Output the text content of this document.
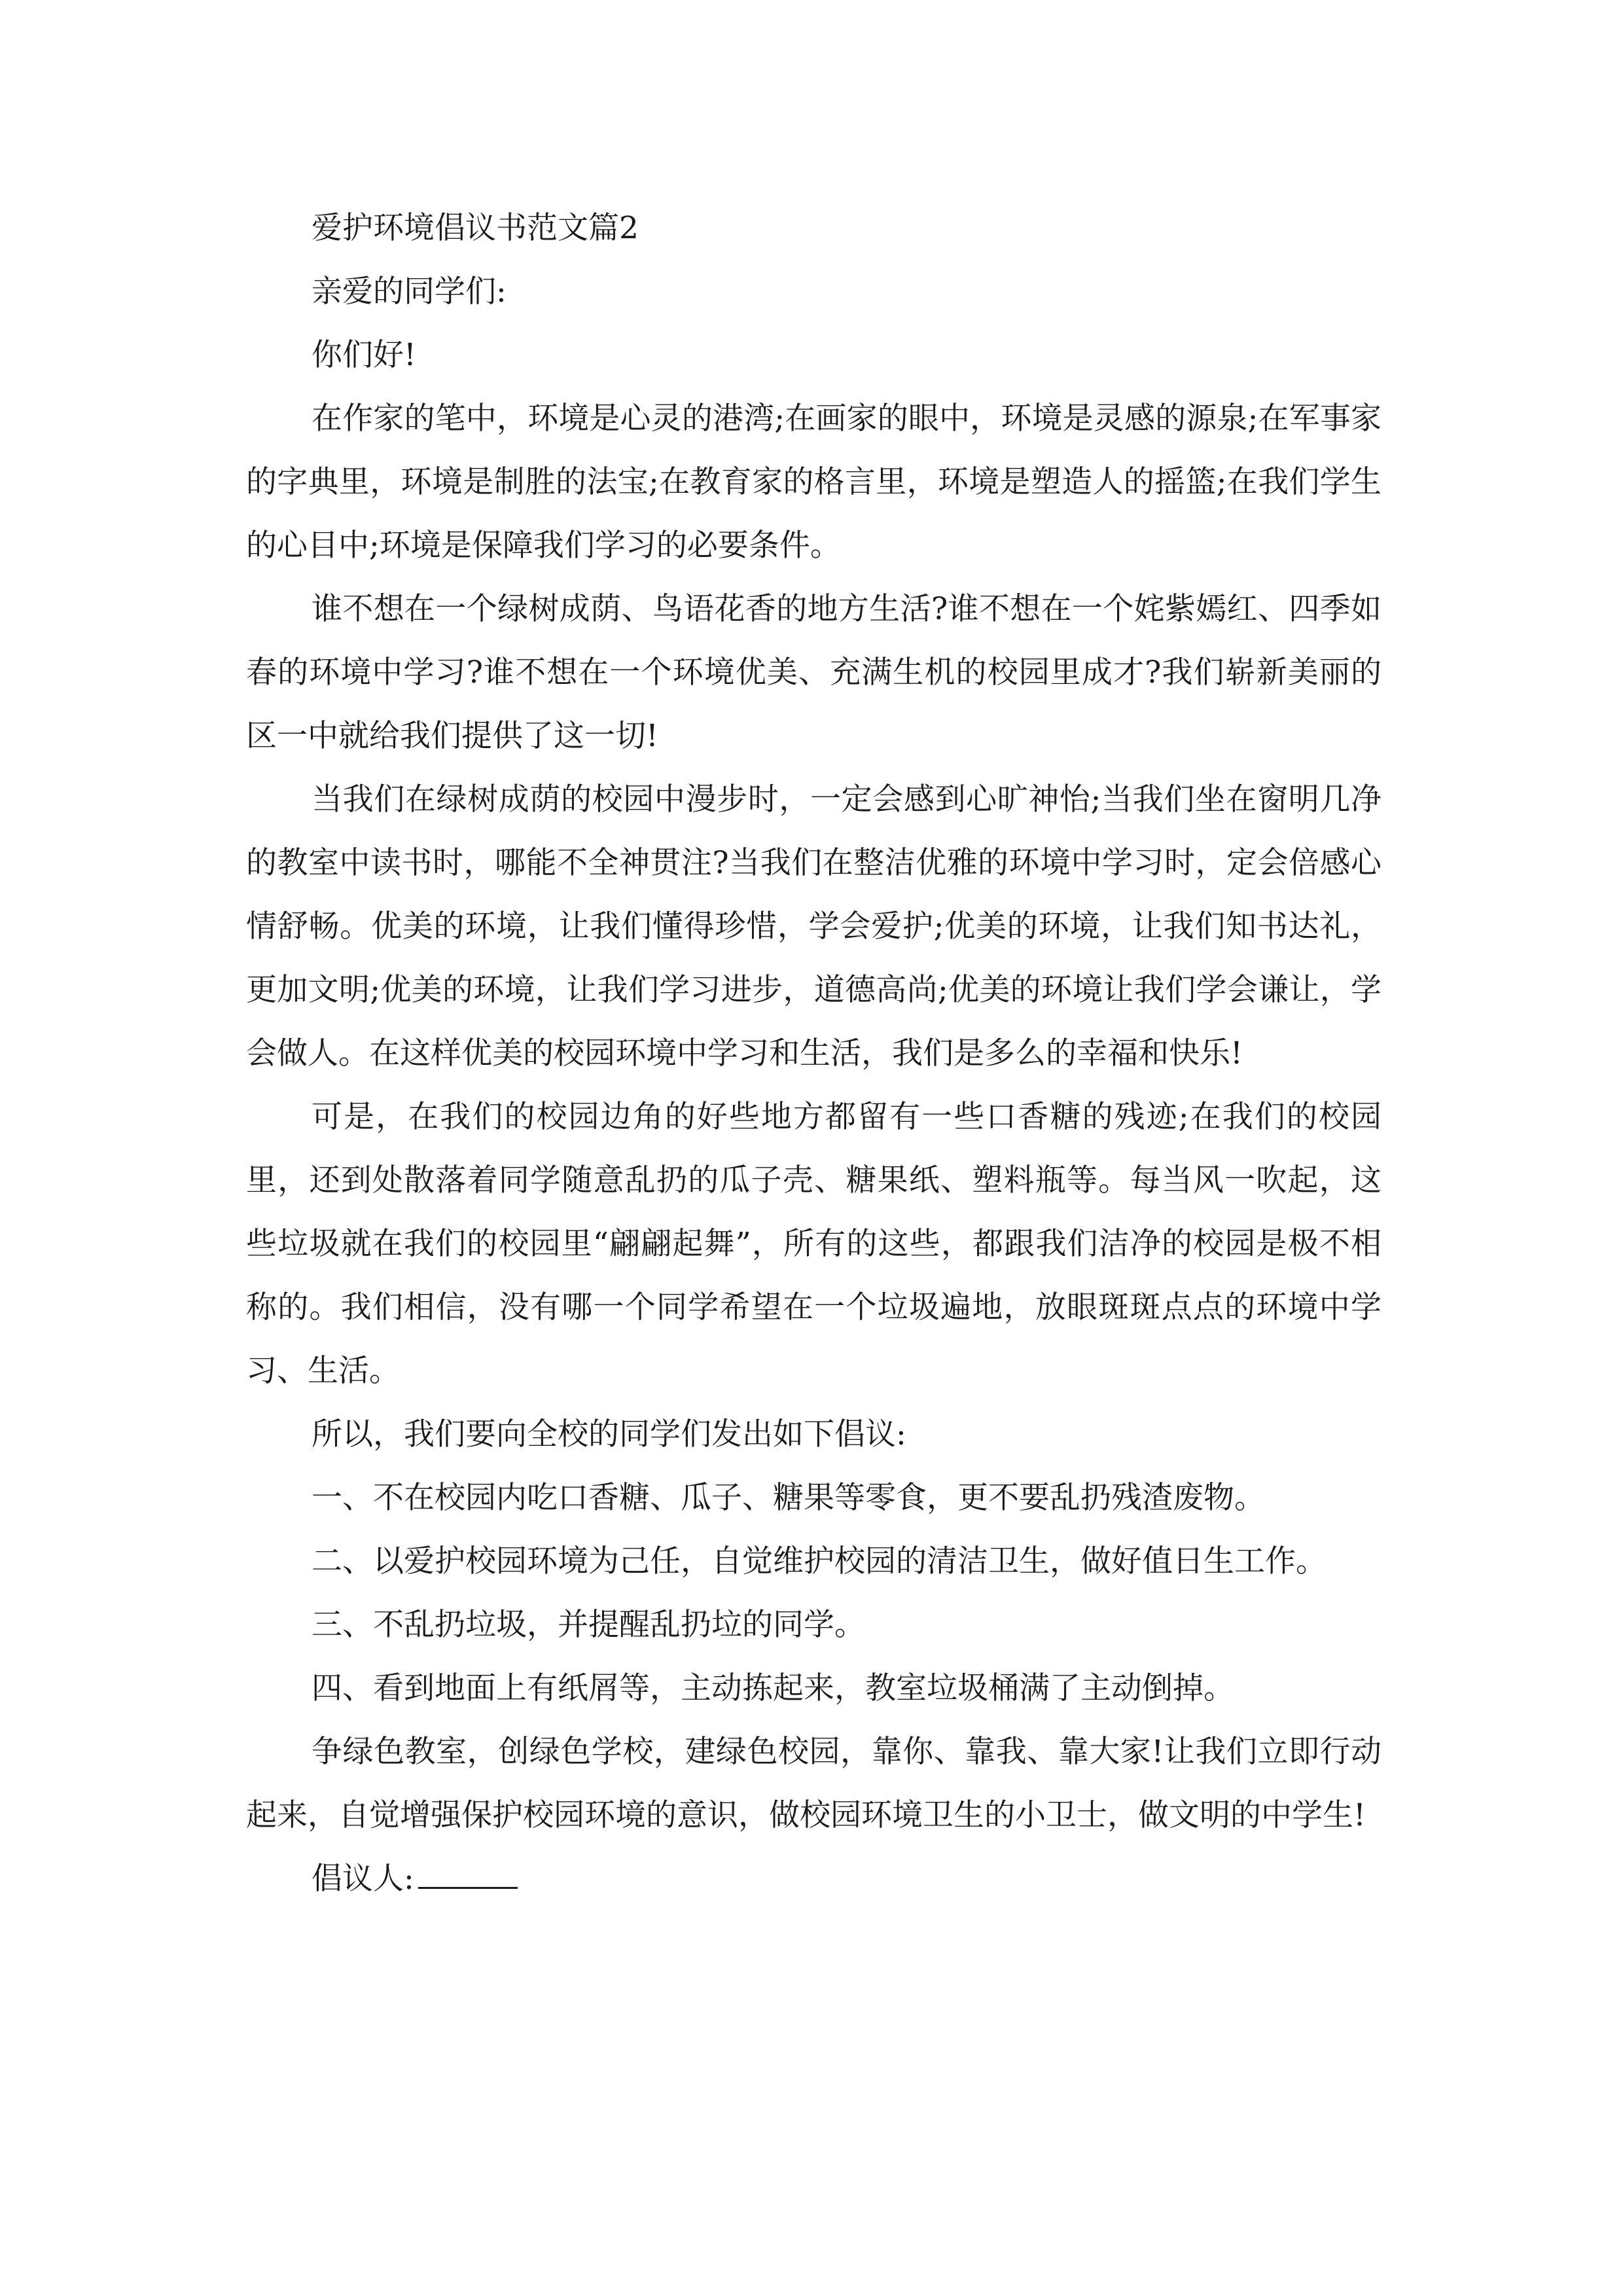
爱护环境倡议书范文篇2

亲爱的同学们:

你们好!

在作家的笔中，环境是心灵的港湾;在画家的眼中，环境是灵感的源泉;在军事家的字典里，环境是制胜的法宝;在教育家的格言里，环境是塑造人的摇篮;在我们学生的心目中;环境是保障我们学习的必要条件。

谁不想在一个绿树成荫、鸟语花香的地方生活?谁不想在一个姹紫嫣红、四季如春的环境中学习?谁不想在一个环境优美、充满生机的校园里成才?我们崭新美丽的区一中就给我们提供了这一切!

当我们在绿树成荫的校园中漫步时，一定会感到心旷神怡;当我们坐在窗明几净的教室中读书时，哪能不全神贯注?当我们在整洁优雅的环境中学习时，定会倍感心情舒畅。优美的环境，让我们懂得珍惜，学会爱护;优美的环境，让我们知书达礼，更加文明;优美的环境，让我们学习进步，道德高尚;优美的环境让我们学会谦让，学会做人。在这样优美的校园环境中学习和生活，我们是多么的幸福和快乐!

可是，在我们的校园边角的好些地方都留有一些口香糖的残迹;在我们的校园里，还到处散落着同学随意乱扔的瓜子壳、糖果纸、塑料瓶等。每当风一吹起，这些垃圾就在我们的校园里“翩翩起舞”，所有的这些，都跟我们洁净的校园是极不相称的。我们相信，没有哪一个同学希望在一个垃圾遍地，放眼斑斑点点的环境中学习、生活。

所以，我们要向全校的同学们发出如下倡议:

一、不在校园内吃口香糖、瓜子、糖果等零食，更不要乱扔残渣废物。

二、以爱护校园环境为己任，自觉维护校园的清洁卫生，做好值日生工作。

三、不乱扔垃圾，并提醒乱扔垃的同学。

四、看到地面上有纸屑等，主动拣起来，教室垃圾桶满了主动倒掉。

争绿色教室，创绿色学校，建绿色校园，靠你、靠我、靠大家!让我们立即行动起来，自觉增强保护校园环境的意识，做校园环境卫生的小卫士，做文明的中学生!

倡议人:
